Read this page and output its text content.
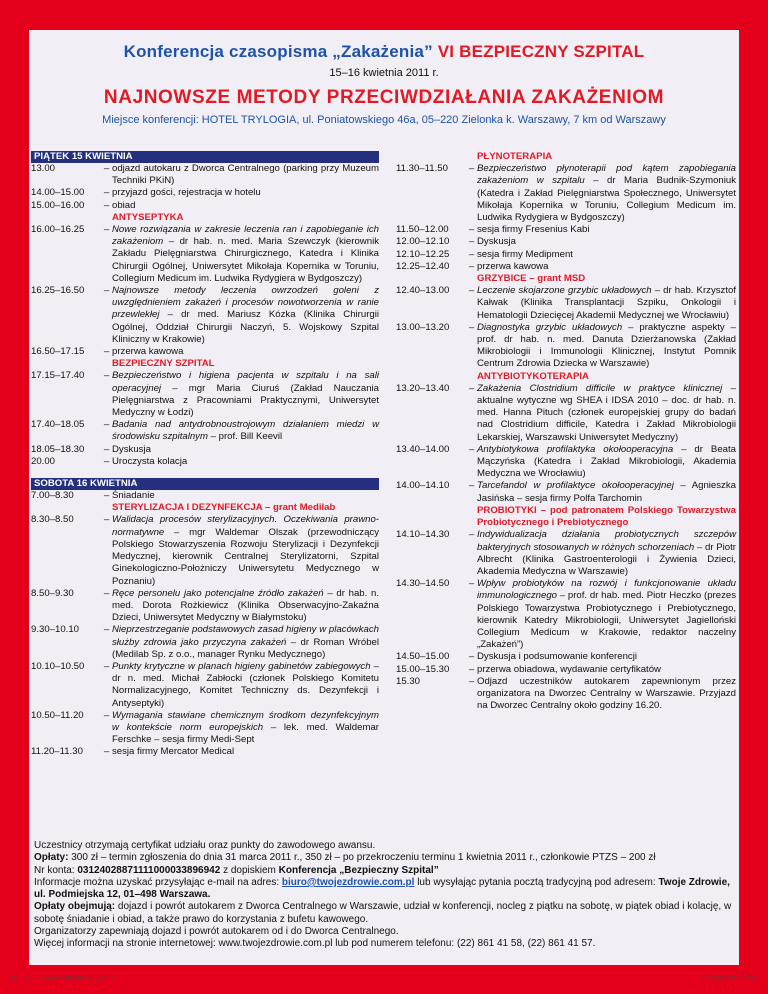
Konferencja czasopisma „Zakażenia” VI BEZPIECZNY SZPITAL
15–16 kwietnia 2011 r.
NAJNOWSZE METODY PRZECIWDZIAŁANIA ZAKAŻENIOM
Miejsce konferencji: HOTEL TRYLOGIA, ul. Poniatowskiego 46a, 05–220 Zielonka k. Warszawy, 7 km od Warszawy
PIĄTEK 15 KWIETNIA
13.00	– odjazd autokaru z Dworca Centralnego (parking przy Muzeum Techniki PKiN)
14.00–15.00	– przyjazd gości, rejestracja w hotelu
15.00–16.00	– obiad
ANTYSEPTYKA
16.00–16.25	– Nowe rozwiązania w zakresie leczenia ran i zapobieganie ich zakażeniom – dr hab. n. med. Maria Szewczyk (kierownik Zakładu Pielęgniarstwa Chirurgicznego, Katedra i Klinika Chirurgii Ogólnej, Uniwersytet Mikołaja Kopernika w Toruniu, Collegium Medicum im. Ludwika Rydygiera w Bydgoszczy)
16.25–16.50	– Najnowsze metody leczenia owrzodzeń goleni z uwzględnieniem zakażeń i procesów nowotworzenia w ranie przewlekłej – dr med. Mariusz Kózka (Klinika Chirurgii Ogólnej, Oddział Chirurgii Naczyń, 5. Wojskowy Szpital Kliniczny w Krakowie)
16.50–17.15	– przerwa kawowa
BEZPIECZNY SZPITAL
17.15–17.40	– Bezpieczeństwo i higiena pacjenta w szpitalu i na sali operacyjnej – mgr Maria Ciuruś (Zakład Nauczania Pielęgniarstwa z Pracowniami Praktycznymi, Uniwersytet Medyczny w Łodzi)
17.40–18.05	– Badania nad antydrobnoustrojowym działaniem miedzi w środowisku szpitalnym – prof. Bill Keevil
18.05–18.30	– Dyskusja
20.00	– Uroczysta kolacja
SOBOTA 16 KWIETNIA
7.00–8.30	– Śniadanie
STERYLIZACJA I DEZYNFEKCJA – grant Medilab
8.30–8.50	– Walidacja procesów sterylizacyjnych. Oczekiwania prawno-normatywne – mgr Waldemar Olszak (przewodniczący Polskiego Stowarzyszenia Rozwoju Sterylizacji i Dezynfekcji Medycznej, kierownik Centralnej Sterylizatorni, Szpital Ginekologiczno-Położniczy Uniwersytetu Medycznego w Poznaniu)
8.50–9.30	– Ręce personelu jako potencjalne źródło zakażeń – dr hab. n. med. Dorota Rożkiewicz (Klinika Obserwacyjno-Zakaźna Dzieci, Uniwersytet Medyczny w Białymstoku)
9.30–10.10	– Nieprzestrzeganie podstawowych zasad higieny w placówkach służby zdrowia jako przyczyna zakażeń – dr Roman Wróbel (Medilab Sp. z o.o., manager Rynku Medycznego)
10.10–10.50	– Punkty krytyczne w planach higieny gabinetów zabiegowych – dr n. med. Michał Zabłocki (członek Polskiego Komitetu Normalizacyjnego, Komitet Techniczny ds. Dezynfekcji i Antyseptyki)
10.50–11.20	– Wymagania stawiane chemicznym środkom dezynfekcyjnym w kontekście norm europejskich – lek. med. Waldemar Ferschke – sesja firmy Medi-Sept
11.20–11.30	– sesja firmy Mercator Medical
PŁYNOTERAPIA
11.30–11.50	– Bezpieczeństwo płynoterapii pod kątem zapobiegania zakażeniom w szpitalu – dr Maria Budnik-Szymoniuk (Katedra i Zakład Pielęgniarstwa Społecznego, Uniwersytet Mikołaja Kopernika w Toruniu, Collegium Medicum im. Ludwika Rydygiera w Bydgoszczy)
11.50–12.00	– sesja firmy Fresenius Kabi
12.00–12.10	– Dyskusja
12.10–12.25	– sesja firmy Medipment
12.25–12.40	– przerwa kawowa
GRZYBICE – grant MSD
12.40–13.00	– Leczenie skojarzone grzybic układowych – dr hab. Krzysztof Kałwak (Klinika Transplantacji Szpiku, Onkologii i Hematologii Dziecięcej Akademii Medycznej we Wrocławiu)
13.00–13.20	– Diagnostyka grzybic układowych – praktyczne aspekty – prof. dr hab. n. med. Danuta Dzierżanowska (Zakład Mikrobiologii i Immunologii Klinicznej, Instytut Pomnik Centrum Zdrowia Dziecka w Warszawie)
ANTYBIOTYKOTERAPIA
13.20–13.40	– Zakażenia Clostridium difficile w praktyce klinicznej – aktualne wytyczne wg SHEA i IDSA 2010 – doc. dr hab. n. med. Hanna Pituch (członek europejskiej grupy do badań nad Clostridium difficile, Katedra i Zakład Mikrobiologii Lekarskiej, Warszawski Uniwersytet Medyczny)
13.40–14.00	– Antybiotykowa profilaktyka okołooperacyjna – dr Beata Mączyńska (Katedra i Zakład Mikrobiologii, Akademia Medyczna we Wrocławiu)
14.00–14.10	– Tarcefandol w profilaktyce okołooperacyjnej – Agnieszka Jasińska – sesja firmy Polfa Tarchomin
PROBIOTYKI – pod patronatem Polskiego Towarzystwa Probiotycznego i Prebiotycznego
14.10–14.30	– Indywidualizacja działania probiotycznych szczepów bakteryjnych stosowanych w różnych schorzeniach – dr Piotr Albrecht (Klinika Gastroenterologii i Żywienia Dzieci, Akademia Medyczna w Warszawie)
14.30–14.50	– Wpływ probiotyków na rozwój i funkcjonowanie układu immunologicznego – prof. dr hab. med. Piotr Heczko (prezes Polskiego Towarzystwa Probiotycznego i Prebiotycznego, kierownik Katedry Mikrobiologii, Uniwersytet Jagielloński Collegium Medicum w Krakowie, redaktor naczelny „Zakażeń”)
14.50–15.00	– Dyskusja i podsumowanie konferencji
15.00–15.30	– przerwa obiadowa, wydawanie certyfikatów
15.30	– Odjazd uczestników autokarem zapewnionym przez organizatora na Dworzec Centralny w Warszawie. Przyjazd na Dworzec Centralny około godziny 16.20.
Uczestnicy otrzymają certyfikat udziału oraz punkty do zawodowego awansu.
Opłaty: 300 zł – termin zgłoszenia do dnia 31 marca 2011 r., 350 zł – po przekroczeniu terminu 1 kwietnia 2011 r., członkowie PTZS – 200 zł
Nr konta: 03124028871111000033896942 z dopiskiem Konferencja „Bezpieczny Szpital”
Informacje można uzyskać przysyłając e-mail na adres: biuro@twojezdrowie.com.pl lub wysyłając pytania pocztą tradycyjną pod adresem: Twoje Zdrowie, ul. Podmiejska 12, 01–498 Warszawa.
Opłaty obejmują: dojazd i powrót autokarem z Dworca Centralnego w Warszawie, udział w konferencji, nocleg z piątku na sobotę, w piątek obiad i kolację, w sobotę śniadanie i obiad, a także prawo do korzystania z bufetu kawowego.
Organizatorzy zapewniają dojazd i powrót autokarem od i do Dworca Centralnego.
Więcej informacji na stronie internetowej: www.twojezdrowie.com.pl lub pod numerem telefonu: (22) 861 41 58, (22) 861 41 57.
bezpieczny szpital 210x295 mm_A.1 1	2011-03-09 11:06:57
